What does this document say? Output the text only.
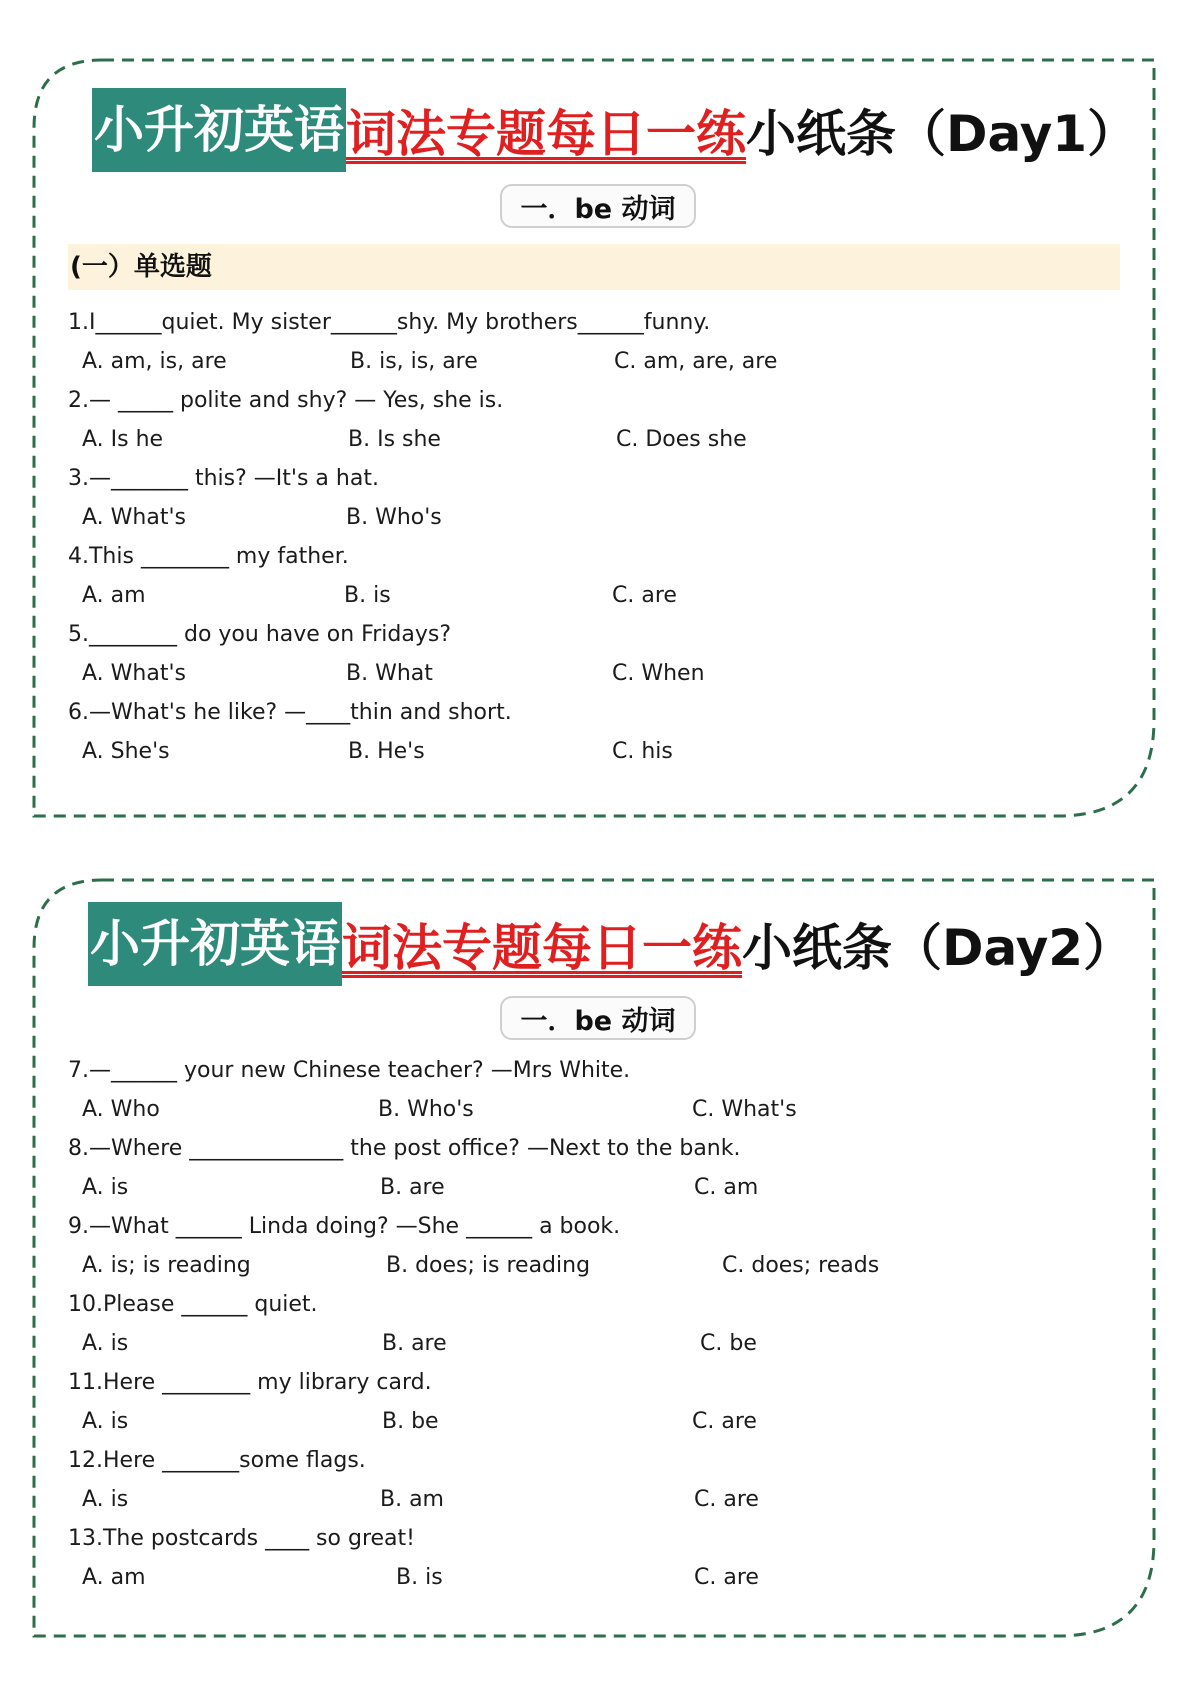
小升初英语 词法专题每日一练 小纸条（Day1）
一．be 动词
(一）单选题
1.I______quiet. My sister______shy. My brothers______funny.
A. am, is, are	B. is, is, are	C. am, are, are
2.— _____ polite and shy? — Yes, she is.
A. Is he	B. Is she	C. Does she
3.—_______ this? —It's a hat.
A. What's	B. Who's
4.This ________ my father.
A. am	B. is	C. are
5.________ do you have on Fridays?
A. What's	B. What	C. When
6.—What's he like? —____thin and short.
A. She's	B. He's	C. his
小升初英语 词法专题每日一练 小纸条（Day2）
一．be 动词
7.—______ your new Chinese teacher? —Mrs White.
A. Who	B. Who's	C. What's
8.—Where ______________ the post office? —Next to the bank.
A. is	B. are	C. am
9.—What ______ Linda doing? —She ______ a book.
A. is; is reading	B. does; is reading	C. does; reads
10.Please ______ quiet.
A. is	B. are	C. be
11.Here ________ my library card.
A. is	B. be	C. are
12.Here _______some flags.
A. is	B. am	C. are
13.The postcards ____ so great!
A. am	B. is	C. are
